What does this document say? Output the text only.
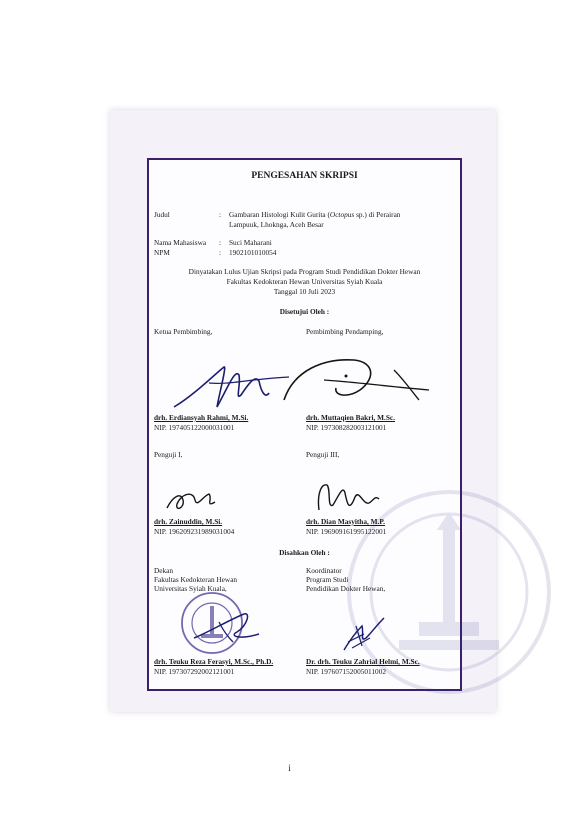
PENGESAHAN SKRIPSI
Judul	: Gambaran Histologi Kulit Gurita (Octopus sp.) di Perairan
Lampuuk, Lhoknga, Aceh Besar
Nama Mahasiswa : Suci Maharani
NPM	: 1902101010054
Dinyatakan Lulus Ujian Skripsi pada Program Studi Pendidikan Dokter Hewan
Fakultas Kedokteran Hewan Universitas Syiah Kuala
Tanggal 10 Juli 2023
Disetujui Oleh :
Ketua Pembimbing,	Pembimbing Pendamping,
drh. Erdiansyah Rahmi, M.Si.
NIP. 197405122000031001
drh. Muttaqien Bakri, M.Sc.
NIP. 197308282003121001
Penguji I,	Penguji III,
drh. Zainuddin, M.Si.
NIP. 196209231989031004
drh. Dian Masyitha, M.P.
NIP. 196909161995122001
Disahkan Oleh :
Dekan
Fakultas Kedokteran Hewan
Universitas Syiah Kuala,
Koordinator
Program Studi
Pendidikan Dokter Hewan,
drh. Teuku Reza Ferasyi, M.Sc., Ph.D.
NIP. 197307292002121001
Dr. drh. Teuku Zahrial Helmi, M.Sc.
NIP. 197607152005011002
i
